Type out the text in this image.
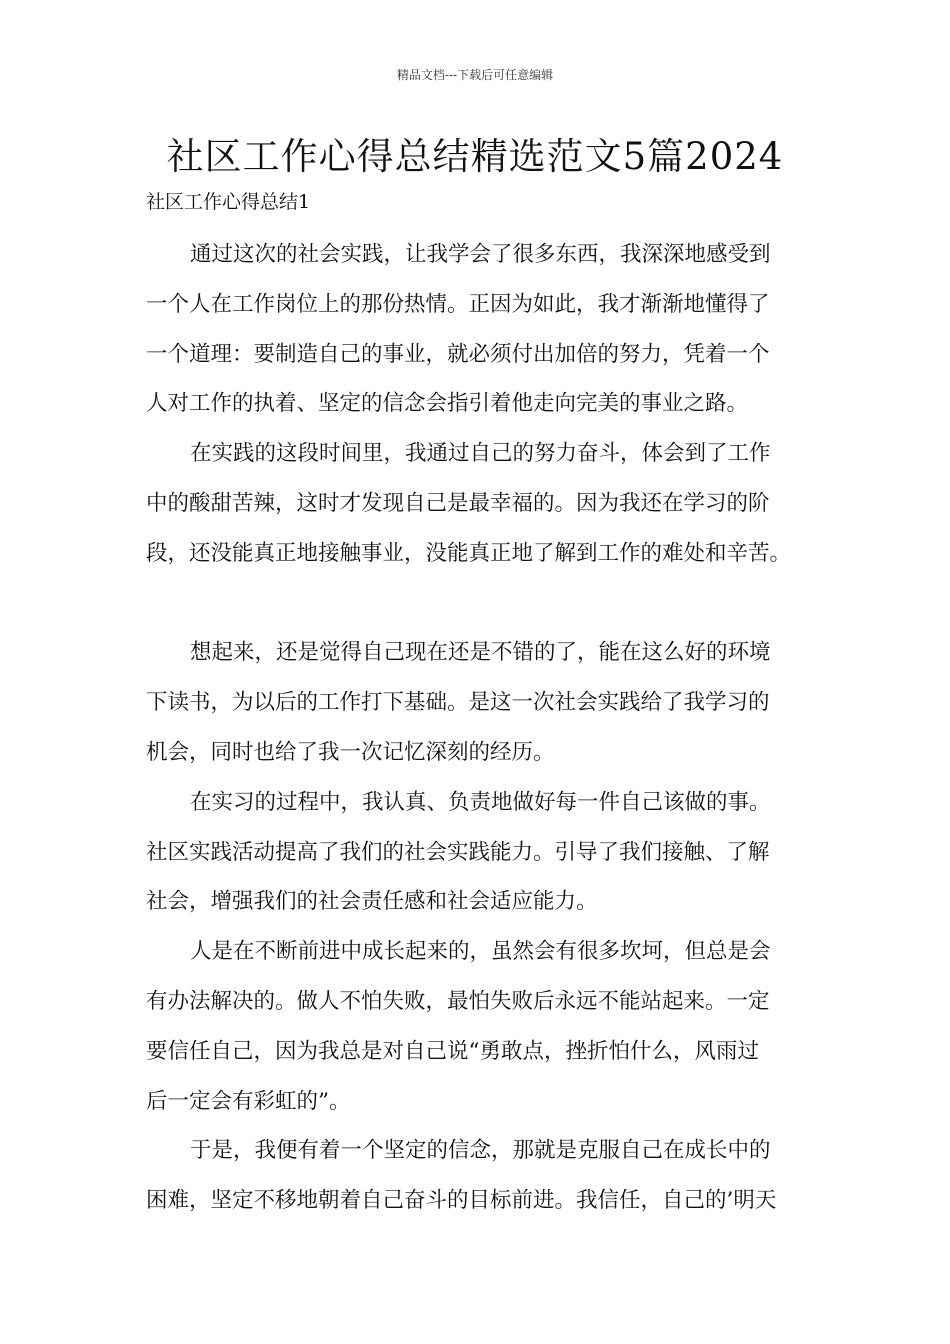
精品文档---下载后可任意编辑
社区工作心得总结精选范文5篇2024
社区工作心得总结1
通过这次的社会实践，让我学会了很多东西，我深深地感受到
一个人在工作岗位上的那份热情。正因为如此，我才渐渐地懂得了
一个道理：要制造自己的事业，就必须付出加倍的努力，凭着一个
人对工作的执着、坚定的信念会指引着他走向完美的事业之路。
在实践的这段时间里，我通过自己的努力奋斗，体会到了工作
中的酸甜苦辣，这时才发现自己是最幸福的。因为我还在学习的阶
段，还没能真正地接触事业，没能真正地了解到工作的难处和辛苦。
想起来，还是觉得自己现在还是不错的了，能在这么好的环境
下读书，为以后的工作打下基础。是这一次社会实践给了我学习的
机会，同时也给了我一次记忆深刻的经历。
在实习的过程中，我认真、负责地做好每一件自己该做的事。
社区实践活动提高了我们的社会实践能力。引导了我们接触、了解
社会，增强我们的社会责任感和社会适应能力。
人是在不断前进中成长起来的，虽然会有很多坎坷，但总是会
有办法解决的。做人不怕失败，最怕失败后永远不能站起来。一定
要信任自己，因为我总是对自己说“勇敢点，挫折怕什么，风雨过
后一定会有彩虹的”。
于是，我便有着一个坚定的信念，那就是克服自己在成长中的
困难，坚定不移地朝着自己奋斗的目标前进。我信任，自己的’明天
